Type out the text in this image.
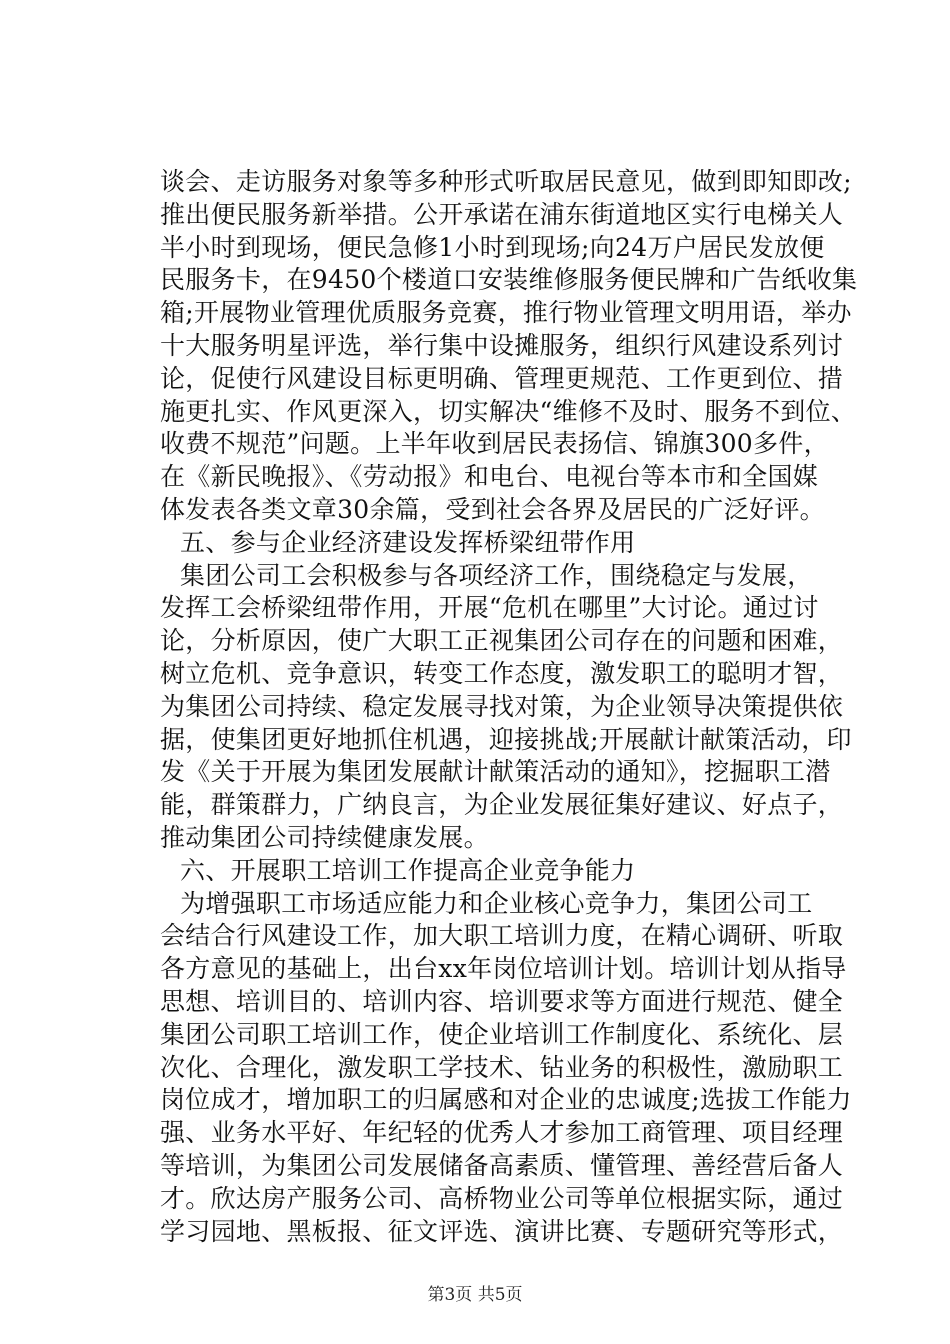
谈会、走访服务对象等多种形式听取居民意见，做到即知即改;
推出便民服务新举措。公开承诺在浦东街道地区实行电梯关人
半小时到现场，便民急修1小时到现场;向24万户居民发放便
民服务卡，在9450个楼道口安装维修服务便民牌和广告纸收集
箱;开展物业管理优质服务竞赛，推行物业管理文明用语，举办
十大服务明星评选，举行集中设摊服务，组织行风建设系列讨
论，促使行风建设目标更明确、管理更规范、工作更到位、措
施更扎实、作风更深入，切实解决“维修不及时、服务不到位、
收费不规范”问题。上半年收到居民表扬信、锦旗300多件，
在《新民晚报》、《劳动报》和电台、电视台等本市和全国媒
体发表各类文章30余篇，受到社会各界及居民的广泛好评。
五、参与企业经济建设发挥桥梁纽带作用
集团公司工会积极参与各项经济工作，围绕稳定与发展，
发挥工会桥梁纽带作用，开展“危机在哪里”大讨论。通过讨
论，分析原因，使广大职工正视集团公司存在的问题和困难，
树立危机、竞争意识，转变工作态度，激发职工的聪明才智，
为集团公司持续、稳定发展寻找对策，为企业领导决策提供依
据，使集团更好地抓住机遇，迎接挑战;开展献计献策活动，印
发《关于开展为集团发展献计献策活动的通知》，挖掘职工潜
能，群策群力，广纳良言，为企业发展征集好建议、好点子，
推动集团公司持续健康发展。
六、开展职工培训工作提高企业竞争能力
为增强职工市场适应能力和企业核心竞争力，集团公司工
会结合行风建设工作，加大职工培训力度，在精心调研、听取
各方意见的基础上，出台xx年岗位培训计划。培训计划从指导
思想、培训目的、培训内容、培训要求等方面进行规范、健全
集团公司职工培训工作，使企业培训工作制度化、系统化、层
次化、合理化，激发职工学技术、钻业务的积极性，激励职工
岗位成才，增加职工的归属感和对企业的忠诚度;选拔工作能力
强、业务水平好、年纪轻的优秀人才参加工商管理、项目经理
等培训，为集团公司发展储备高素质、懂管理、善经营后备人
才。欣达房产服务公司、高桥物业公司等单位根据实际，通过
学习园地、黑板报、征文评选、演讲比赛、专题研究等形式，
第3页 共5页
